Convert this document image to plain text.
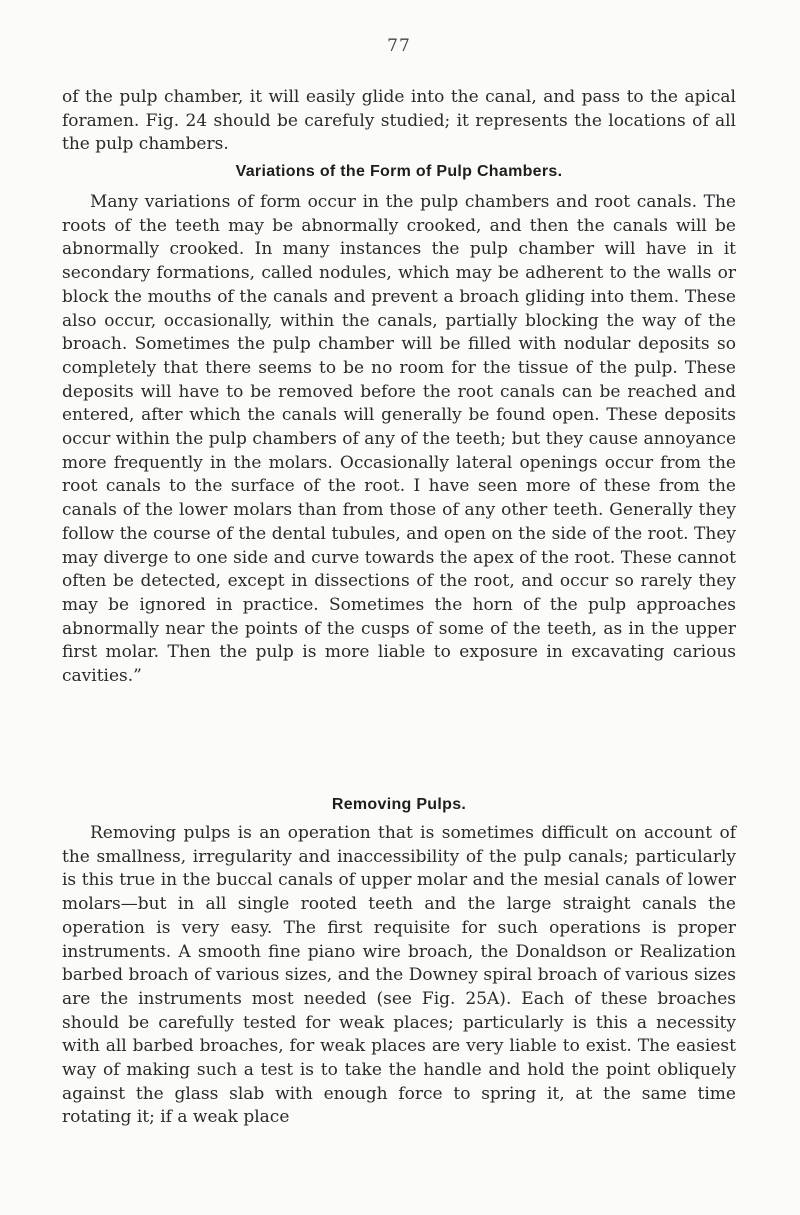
77

of the pulp chamber, it will easily glide into the canal, and pass to the apical foramen. Fig. 24 should be carefuly studied; it represents the locations of all the pulp chambers.

Variations of the Form of Pulp Chambers.

Many variations of form occur in the pulp chambers and root canals. The roots of the teeth may be abnormally crooked, and then the canals will be abnormally crooked. In many instances the pulp chamber will have in it secondary formations, called nodules, which may be adherent to the walls or block the mouths of the canals and prevent a broach gliding into them. These also occur, occasionally, within the canals, partially blocking the way of the broach. Sometimes the pulp chamber will be filled with nodular deposits so completely that there seems to be no room for the tissue of the pulp. These deposits will have to be removed before the root canals can be reached and entered, after which the canals will generally be found open. These deposits occur within the pulp chambers of any of the teeth; but they cause annoyance more frequently in the molars. Occasionally lateral openings occur from the root canals to the surface of the root. I have seen more of these from the canals of the lower molars than from those of any other teeth. Generally they follow the course of the dental tubules, and open on the side of the root. They may diverge to one side and curve towards the apex of the root. These cannot often be detected, except in dissections of the root, and occur so rarely they may be ignored in practice. Sometimes the horn of the pulp approaches abnormally near the points of the cusps of some of the teeth, as in the upper first molar. Then the pulp is more liable to exposure in excavating carious cavities.”

Removing Pulps.

Removing pulps is an operation that is sometimes difficult on account of the smallness, irregularity and inaccessibility of the pulp canals; particularly is this true in the buccal canals of upper molar and the mesial canals of lower molars—but in all single rooted teeth and the large straight canals the operation is very easy. The first requisite for such operations is proper instruments. A smooth fine piano wire broach, the Donaldson or Realization barbed broach of various sizes, and the Downey spiral broach of various sizes are the instruments most needed (see Fig. 25A). Each of these broaches should be carefully tested for weak places; particularly is this a necessity with all barbed broaches, for weak places are very liable to exist. The easiest way of making such a test is to take the handle and hold the point obliquely against the glass slab with enough force to spring it, at the same time rotating it; if a weak place
